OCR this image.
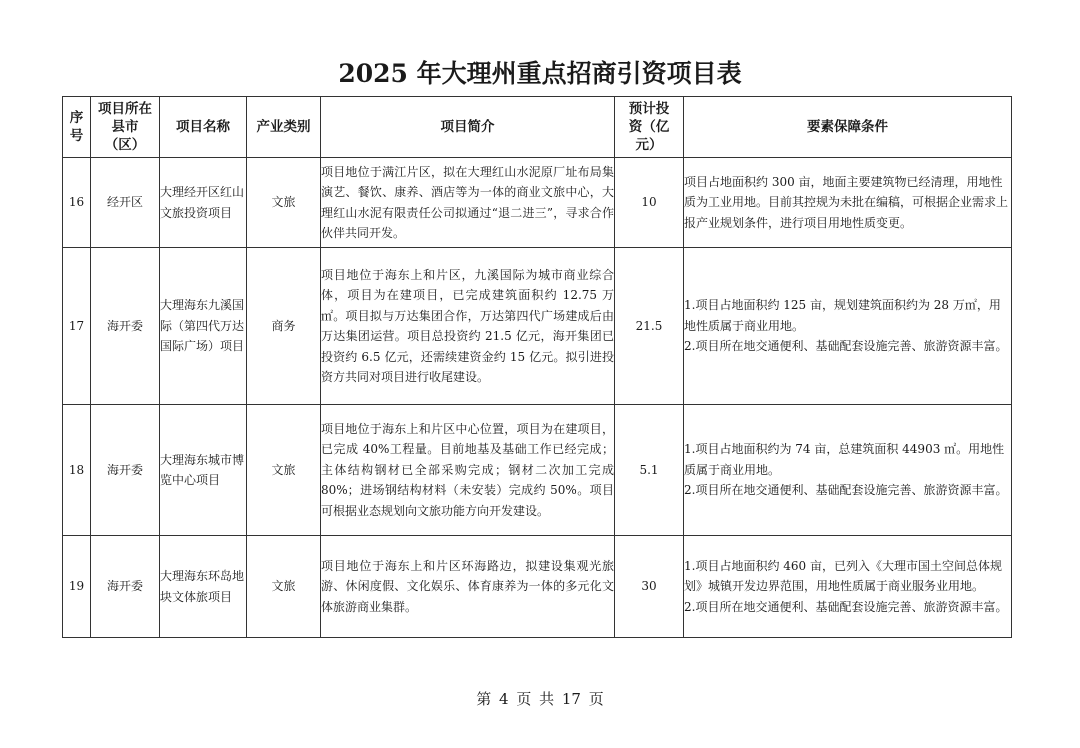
2025 年大理州重点招商引资项目表
序号	项目所在县市（区）	项目名称	产业类别	项目简介	预计投资（亿元）	要素保障条件
16	经开区	大理经开区红山文旅投资项目	文旅	项目地位于满江片区，拟在大理红山水泥原厂址布局集演艺、餐饮、康养、酒店等为一体的商业文旅中心，大理红山水泥有限责任公司拟通过“退二进三”，寻求合作伙伴共同开发。	10	项目占地面积约 300 亩，地面主要建筑物已经清理，用地性质为工业用地。目前其控规为未批在编稿，可根据企业需求上报产业规划条件，进行项目用地性质变更。

17	海开委	大理海东九溪国际（第四代万达国际广场）项目	商务	项目地位于海东上和片区，九溪国际为城市商业综合体，项目为在建项目，已完成建筑面积约 12.75 万㎡。项目拟与万达集团合作，万达第四代广场建成后由万达集团运营。项目总投资约 21.5 亿元，海开集团已投资约 6.5 亿元，还需续建资金约 15 亿元。拟引进投资方共同对项目进行收尾建设。	21.5	1.项目占地面积约 125 亩，规划建筑面积约为 28 万㎡，用地性质属于商业用地。
2.项目所在地交通便利、基础配套设施完善、旅游资源丰富。

18	海开委	大理海东城市博览中心项目	文旅	项目地位于海东上和片区中心位置，项目为在建项目，已完成 40%工程量。目前地基及基础工作已经完成；主体结构钢材已全部采购完成；钢材二次加工完成 80%；进场钢结构材料（未安装）完成约 50%。项目可根据业态规划向文旅功能方向开发建设。	5.1	1.项目占地面积约为 74 亩，总建筑面积 44903 ㎡。用地性质属于商业用地。
2.项目所在地交通便利、基础配套设施完善、旅游资源丰富。

19	海开委	大理海东环岛地块文体旅项目	文旅	项目地位于海东上和片区环海路边，拟建设集观光旅游、休闲度假、文化娱乐、体育康养为一体的多元化文体旅游商业集群。	30	1.项目占地面积约 460 亩，已列入《大理市国土空间总体规划》城镇开发边界范围，用地性质属于商业服务业用地。
2.项目所在地交通便利、基础配套设施完善、旅游资源丰富。
第 4 页 共 17 页
